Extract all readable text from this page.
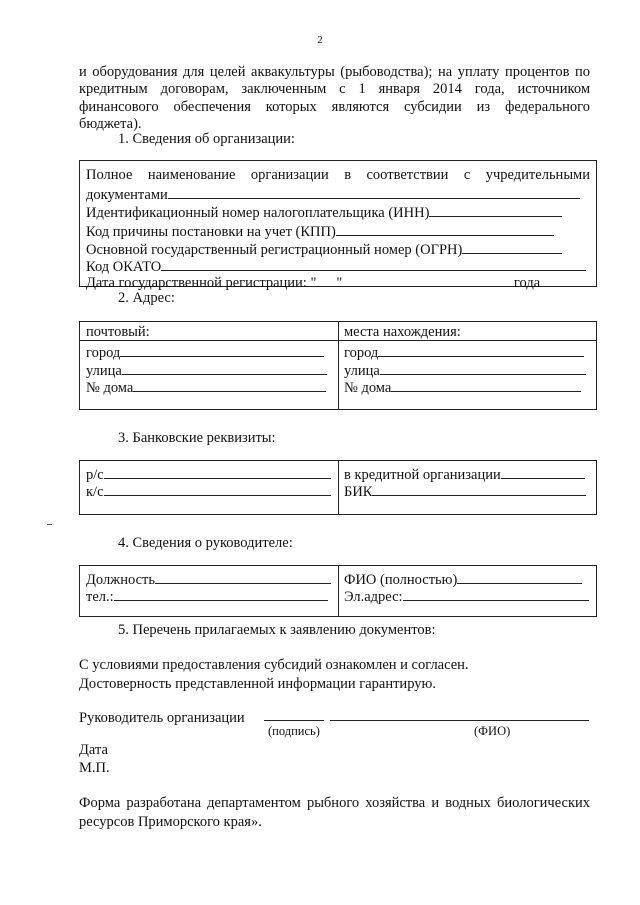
2
и оборудования для целей аквакультуры (рыбоводства); на уплату процентов по
кредитным договорам, заключенным с 1 января 2014 года, источником
финансового обеспечения которых являются субсидии из федерального
бюджета).
1. Сведения об организации:
Полное наименование организации в соответствии с учредительными
документами
Идентификационный номер налогоплательщика (ИНН)
Код причины постановки на учет (КПП)
Основной государственный регистрационный номер (ОГРН)
Код ОКАТО
Дата государственной регистрации: " "	года
2. Адрес:
почтовый:
город
улица
№ дома
места нахождения:
город
улица
№ дома
3. Банковские реквизиты:
р/с
к/с
в кредитной организации
БИК
4. Сведения о руководителе:
Должность
тел.:
ФИО (полностью)
Эл.адрес:
5. Перечень прилагаемых к заявлению документов:
С условиями предоставления субсидий ознакомлен и согласен.
Достоверность представленной информации гарантирую.
Руководитель организации
(подпись)	(ФИО)
Дата
М.П.
Форма разработана департаментом рыбного хозяйства и водных биологических
ресурсов Приморского края».
